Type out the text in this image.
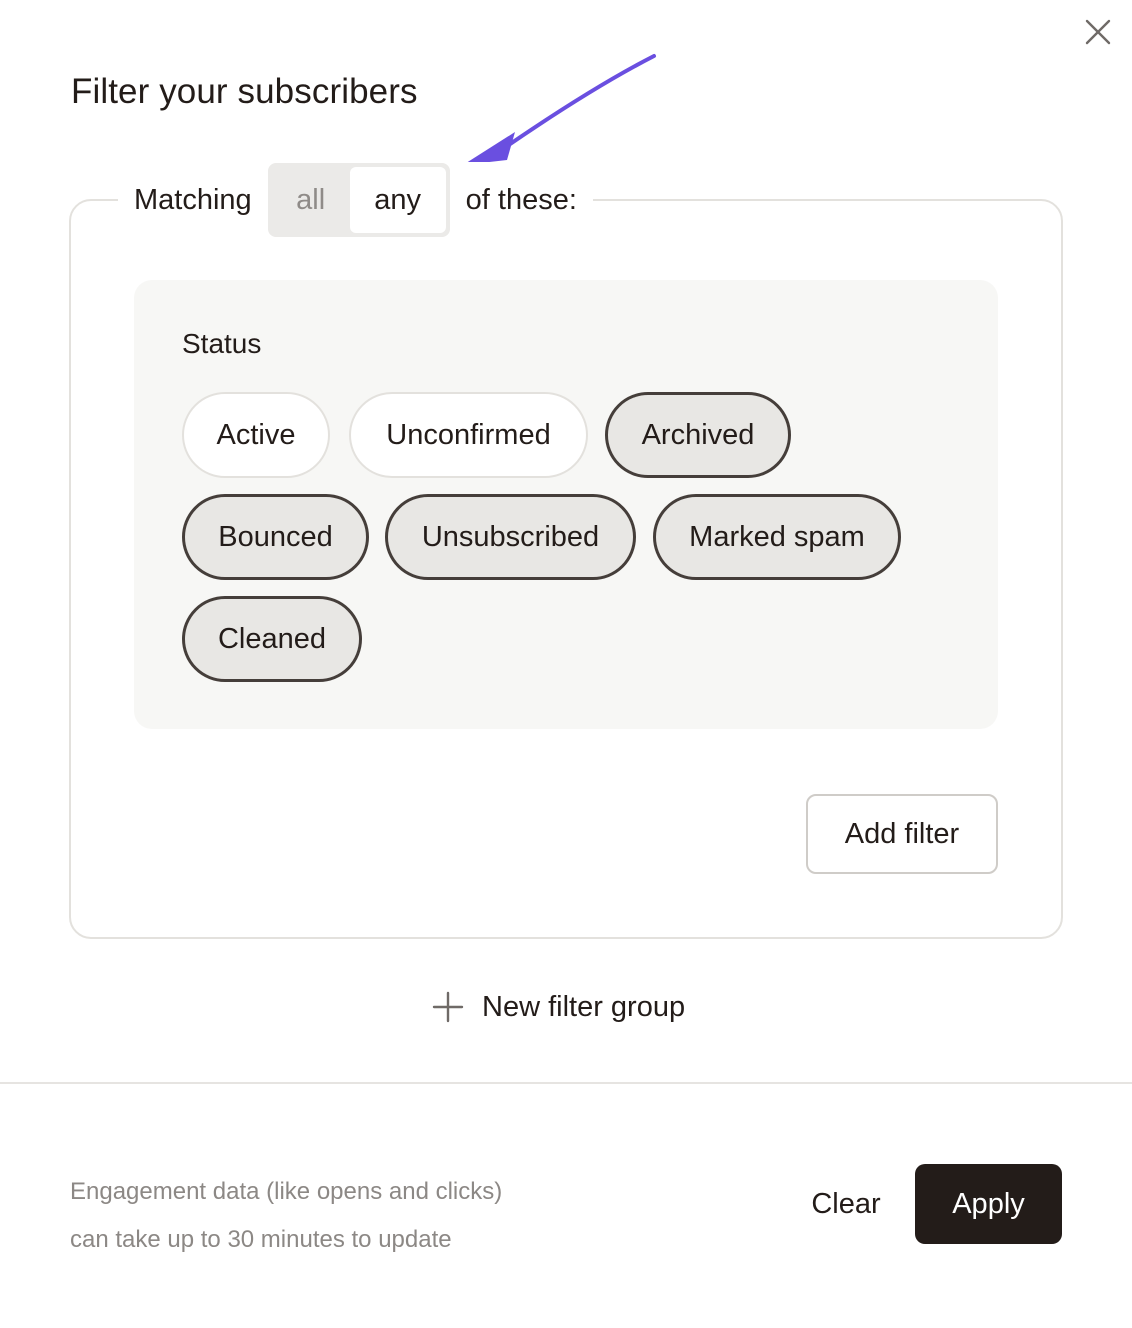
Filter your subscribers
Matching	all	any	of these:
Status
Active	Unconfirmed	Archived
Bounced	Unsubscribed	Marked spam
Cleaned
Add filter
New filter group
Engagement data (like opens and clicks)
can take up to 30 minutes to update
Clear	Apply
